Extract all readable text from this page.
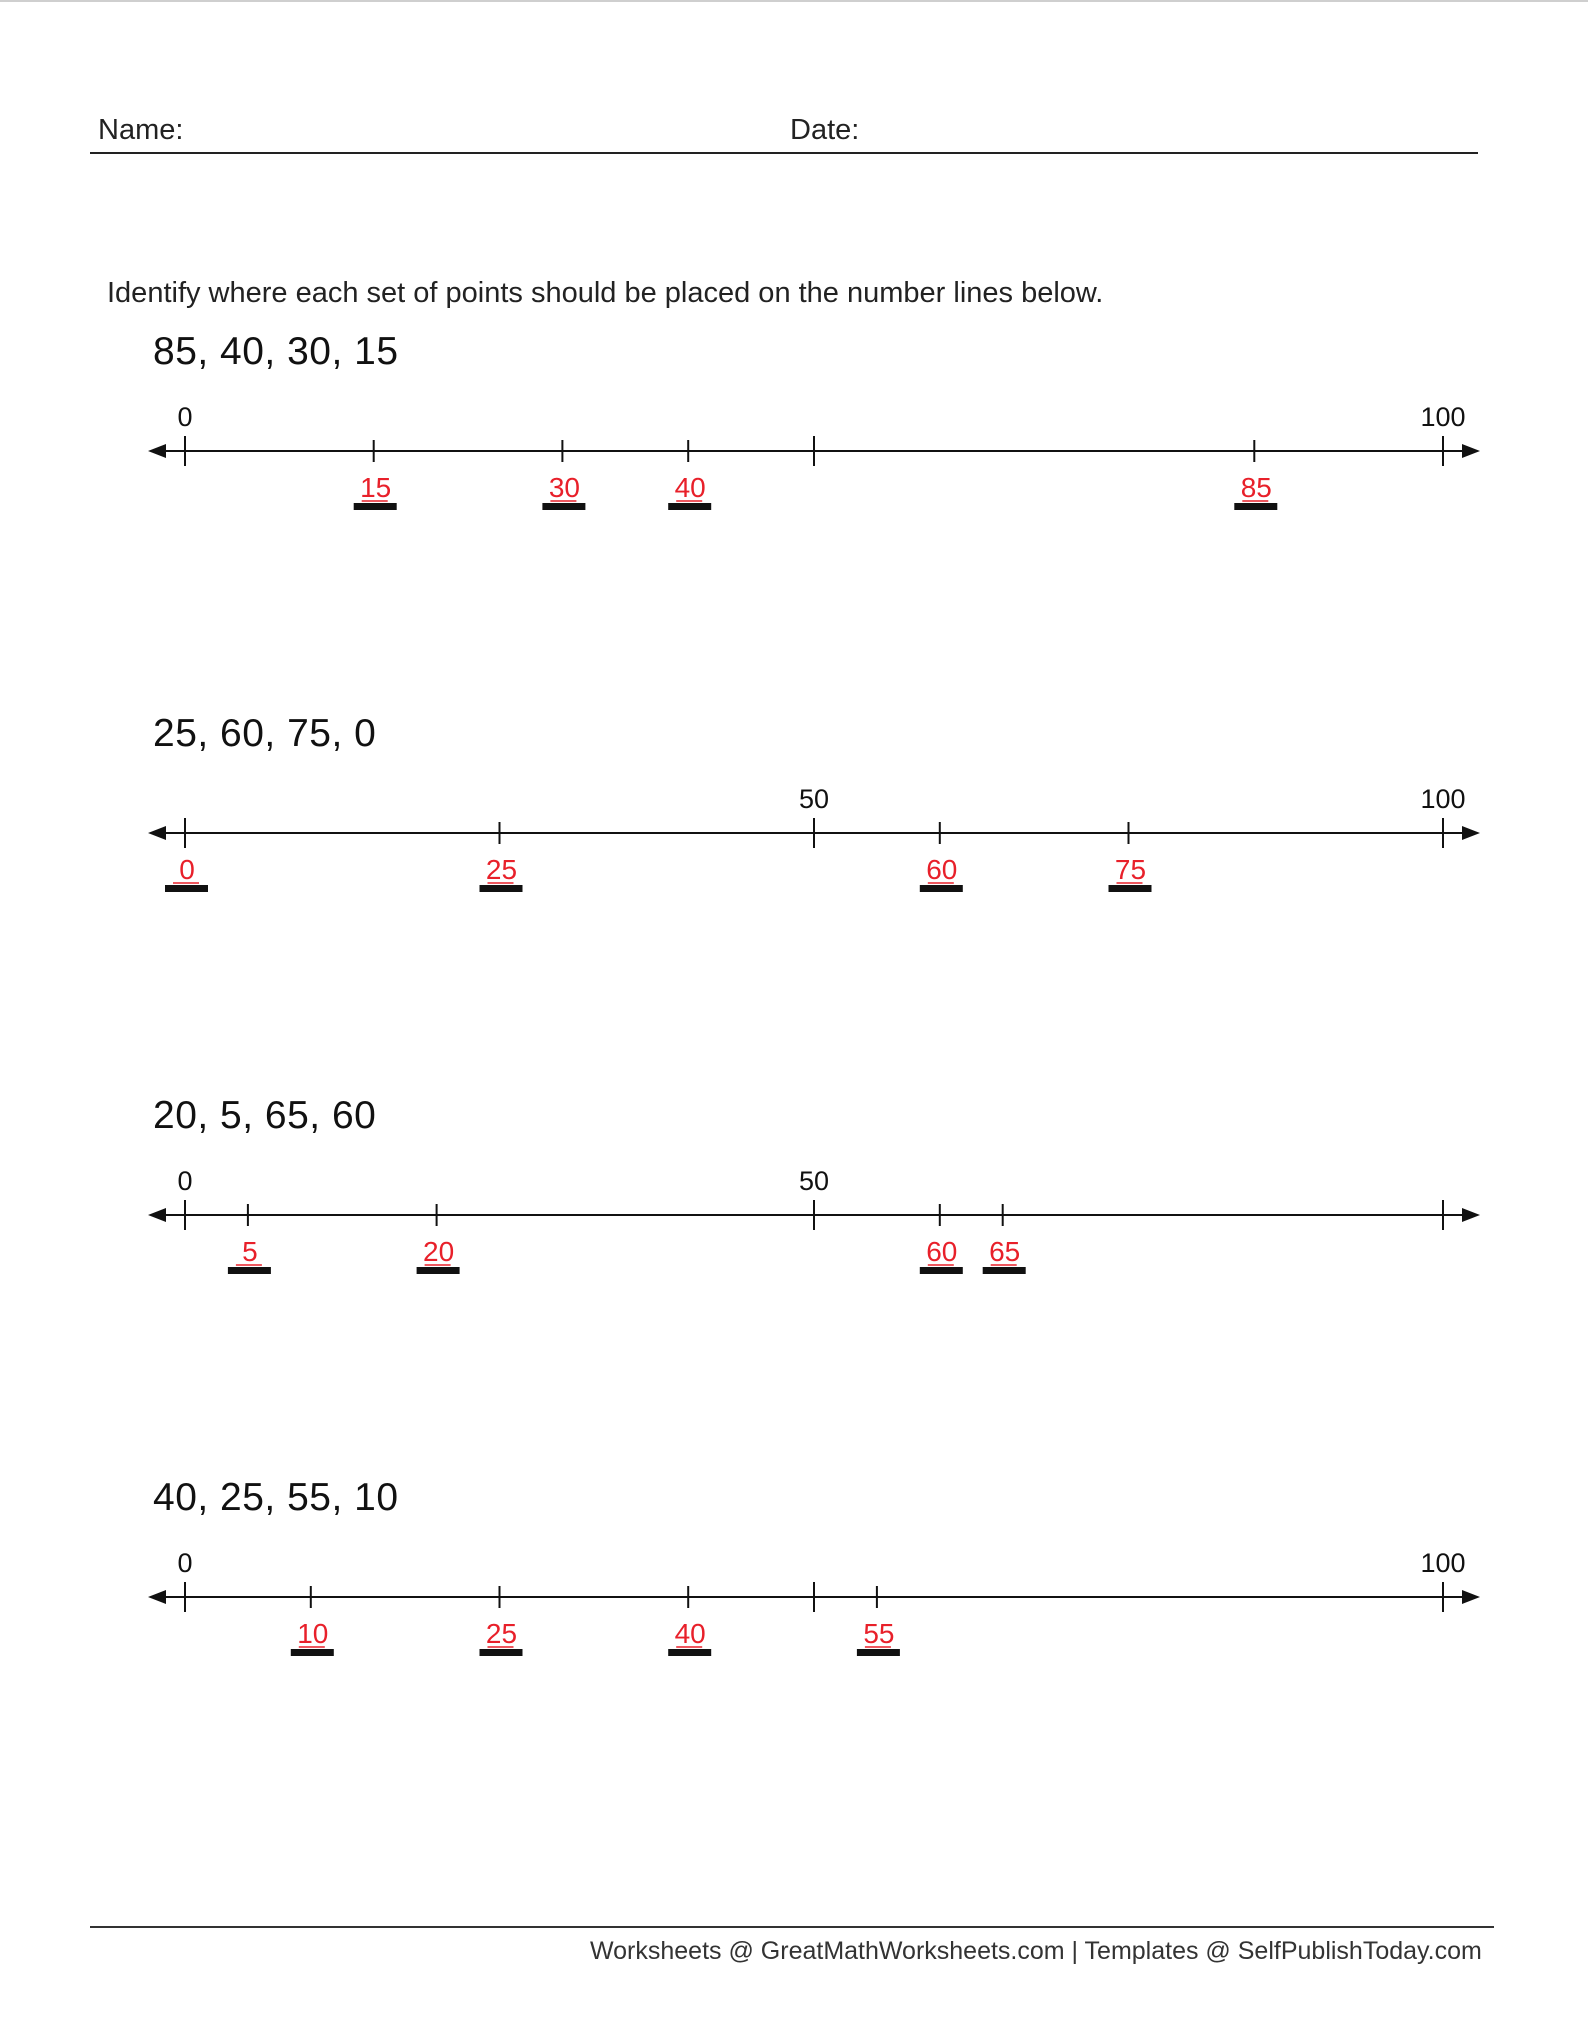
Name:	Date:
Identify where each set of points should be placed on the number lines below.
85, 40, 30, 15
0	100
15	30	40	85
25, 60, 75, 0
50	100
0	25	60	75
20, 5, 65, 60
0	50
5	20	60 65
40, 25, 55, 10
0	100
10	25	40	55
Worksheets @ GreatMathWorksheets.com | Templates @ SelfPublishToday.com
